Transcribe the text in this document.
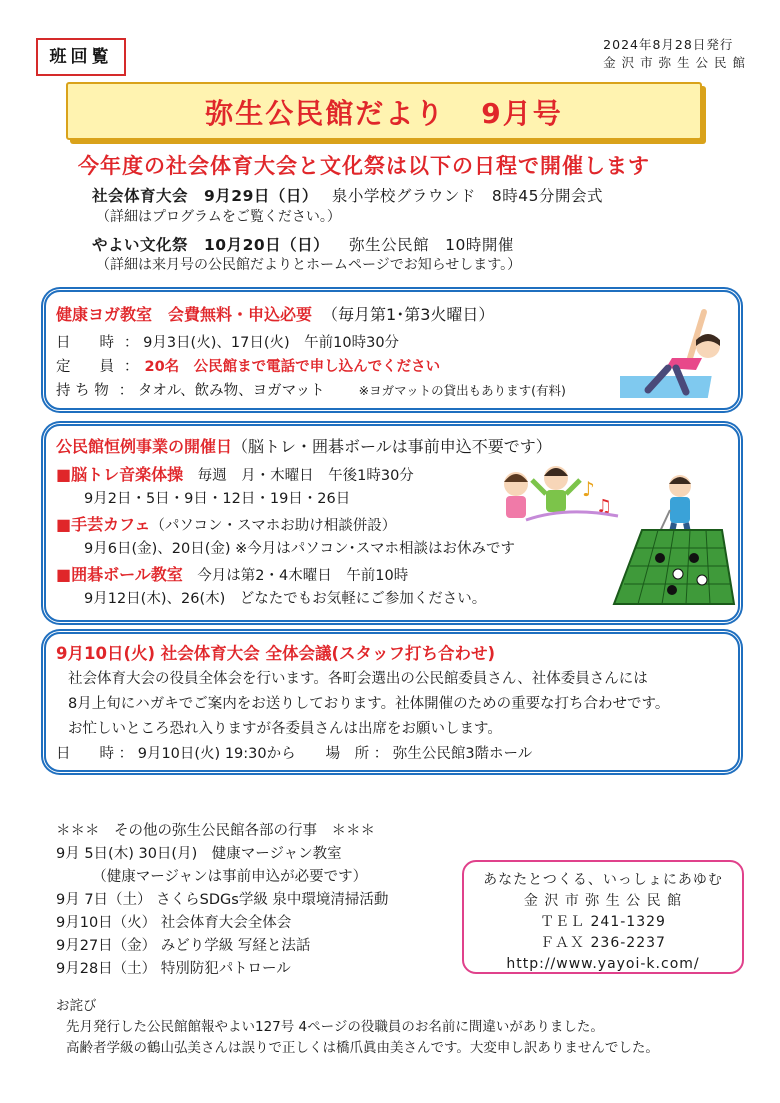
班回覧
2024年8月28日発行
金 沢 市 弥 生 公 民 館
弥生公民館だより 9月号
今年度の社会体育大会と文化祭は以下の日程で開催します
社会体育大会　9月29日（日） 泉小学校グラウンド　8時45分開会式
（詳細はプログラムをご覧ください。）
やよい文化祭　10月20日（日） 弥生公民館　10時開催
（詳細は来月号の公民館だよりとホームページでお知らせします。）
健康ヨガ教室　会費無料・申込必要 （毎月第1･第3火曜日）
日　　時 ： 9月3日(火)、17日(火)　午前10時30分
定　　員 ： 20名　公民館まで電話で申し込んでください
持 ち 物 ： タオル、飲み物、ヨガマット	※ヨガマットの貸出もあります(有料)
公民館恒例事業の開催日（脳トレ・囲碁ボールは事前申込不要です）
■脳トレ音楽体操　毎週　月・木曜日　午後1時30分
9月2日・5日・9日・12日・19日・26日
■手芸カフェ（パソコン・スマホお助け相談併設）
9月6日(金)、20日(金) ※今月はパソコン･スマホ相談はお休みです
■囲碁ボール教室　今月は第2・4木曜日　午前10時
9月12日(木)、26(木)　どなたでもお気軽にご参加ください。
♪
♫
9月10日(火) 社会体育大会 全体会議(スタッフ打ち合わせ)
社会体育大会の役員全体会を行います。各町会選出の公民館委員さん、社体委員さんには
8月上旬にハガキでご案内をお送りしております。社体開催のための重要な打ち合わせです。
お忙しいところ恐れ入りますが各委員さんは出席をお願いします。
日　　時 ： 9月10日(火) 19:30から 場　所 ： 弥生公民館3階ホール
＊＊＊　その他の弥生公民館各部の行事　＊＊＊
9月 5日(木) 30日(月)　健康マージャン教室
　　　（健康マージャンは事前申込が必要です）
9月 7日（土） さくらSDGs学級 泉中環境清掃活動
9月10日（火） 社会体育大会全体会
9月27日（金） みどり学級 写経と法話
9月28日（土） 特別防犯パトロール
あなたとつくる、いっしょにあゆむ
金 沢 市 弥 生 公 民 館
ＴＥＬ 241-1329
ＦＡＸ 236-2237
http://www.yayoi-k.com/
お詫び
先月発行した公民館館報やよい127号 4ページの役職員のお名前に間違いがありました。
高齢者学級の鶴山弘美さんは誤りで正しくは橋爪眞由美さんです。大変申し訳ありませんでした。
